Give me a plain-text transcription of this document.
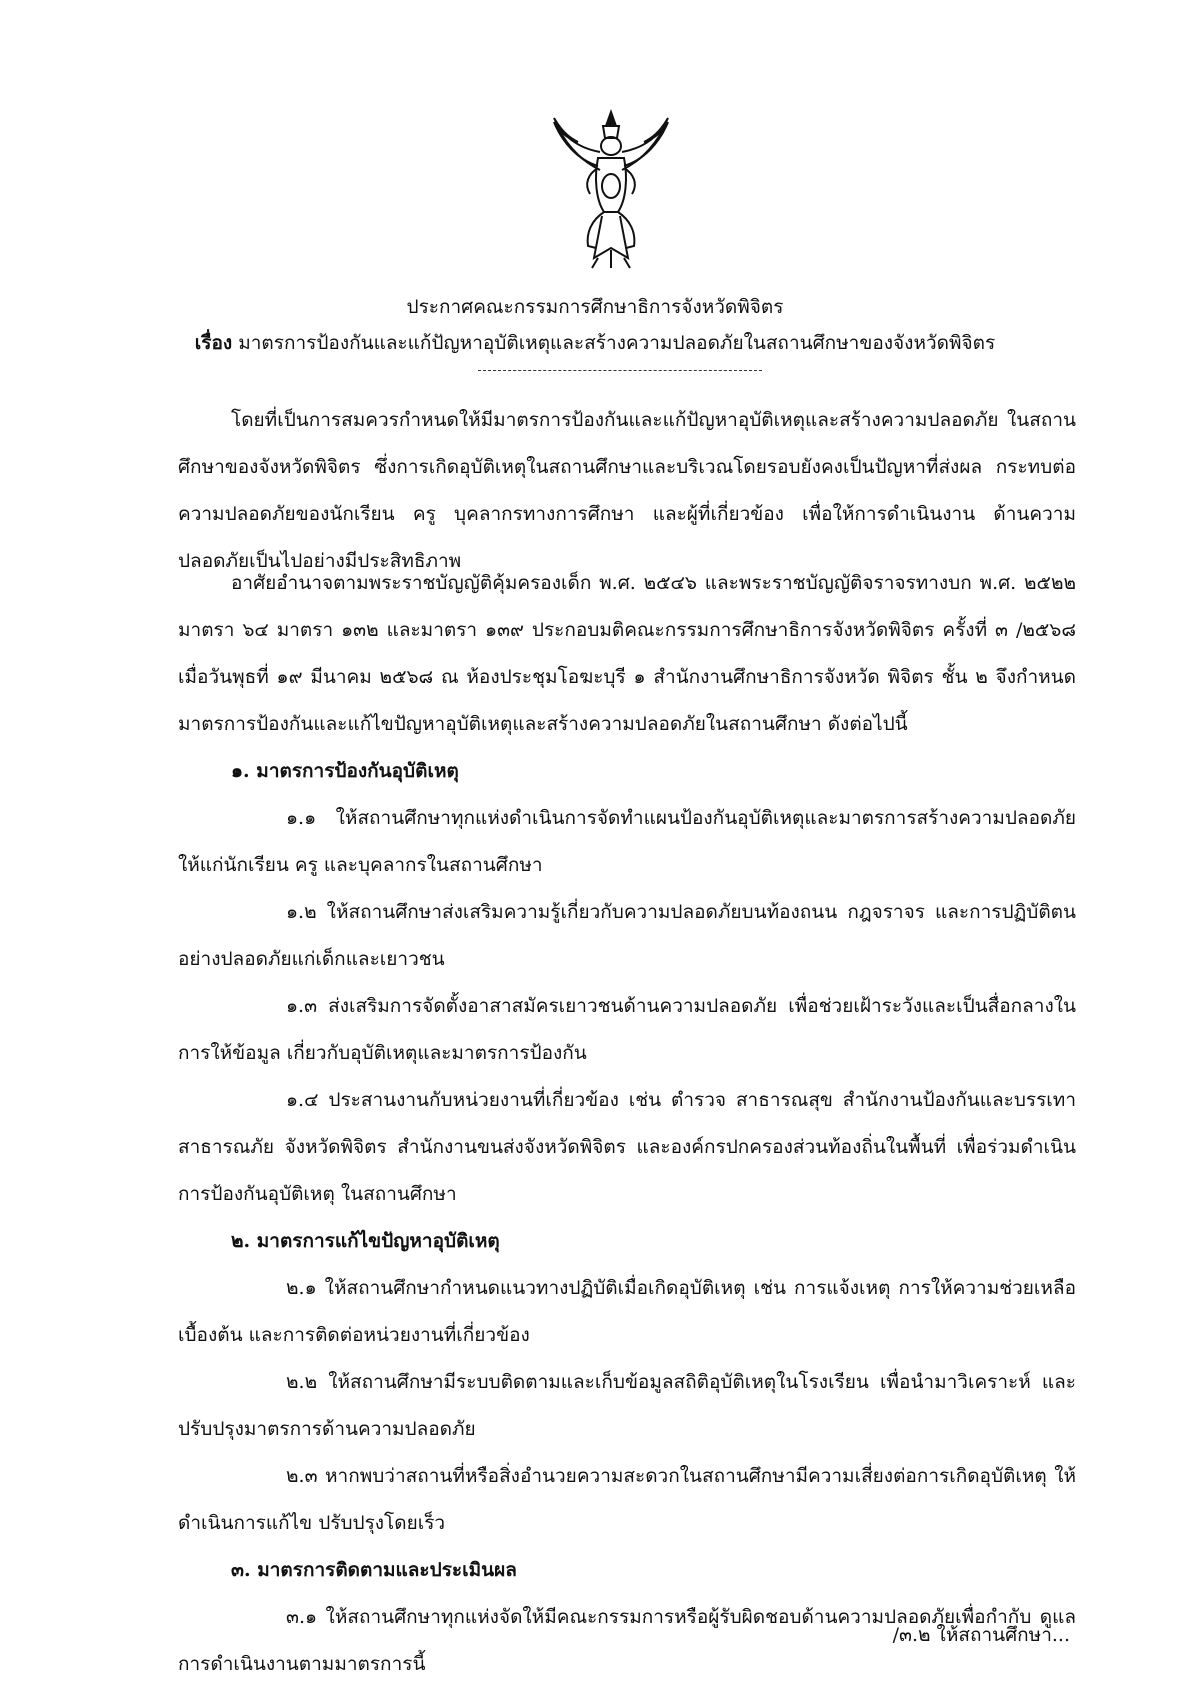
ประกาศคณะกรรมการศึกษาธิการจังหวัดพิจิตร
เรื่อง มาตรการป้องกันและแก้ปัญหาอุบัติเหตุและสร้างความปลอดภัยในสถานศึกษาของจังหวัดพิจิตร

โดยที่เป็นการสมควรกำหนดให้มีมาตรการป้องกันและแก้ปัญหาอุบัติเหตุและสร้างความปลอดภัย ในสถานศึกษาของจังหวัดพิจิตร ซึ่งการเกิดอุบัติเหตุในสถานศึกษาและบริเวณโดยรอบยังคงเป็นปัญหาที่ส่งผล กระทบต่อความปลอดภัยของนักเรียน ครู บุคลากรทางการศึกษา และผู้ที่เกี่ยวข้อง เพื่อให้การดำเนินงาน ด้านความปลอดภัยเป็นไปอย่างมีประสิทธิภาพ

อาศัยอำนาจตามพระราชบัญญัติคุ้มครองเด็ก พ.ศ. ๒๕๔๖ และพระราชบัญญัติจราจรทางบก พ.ศ. ๒๕๒๒ มาตรา ๖๔ มาตรา ๑๓๒ และมาตรา ๑๓๙ ประกอบมติคณะกรรมการศึกษาธิการจังหวัดพิจิตร ครั้งที่ ๓ /๒๕๖๘ เมื่อวันพุธที่ ๑๙ มีนาคม ๒๕๖๘ ณ ห้องประชุมโอฆะบุรี ๑ สำนักงานศึกษาธิการจังหวัด พิจิตร ชั้น ๒ จึงกำหนดมาตรการป้องกันและแก้ไขปัญหาอุบัติเหตุและสร้างความปลอดภัยในสถานศึกษา ดังต่อไปนี้

๑. มาตรการป้องกันอุบัติเหตุ

๑.๑ ให้สถานศึกษาทุกแห่งดำเนินการจัดทำแผนป้องกันอุบัติเหตุและมาตรการสร้างความปลอดภัย ให้แก่นักเรียน ครู และบุคลากรในสถานศึกษา

๑.๒ ให้สถานศึกษาส่งเสริมความรู้เกี่ยวกับความปลอดภัยบนท้องถนน กฎจราจร และการปฏิบัติตน อย่างปลอดภัยแก่เด็กและเยาวชน

๑.๓ ส่งเสริมการจัดตั้งอาสาสมัครเยาวชนด้านความปลอดภัย เพื่อช่วยเฝ้าระวังและเป็นสื่อกลางในการให้ข้อมูล เกี่ยวกับอุบัติเหตุและมาตรการป้องกัน

๑.๔ ประสานงานกับหน่วยงานที่เกี่ยวข้อง เช่น ตำรวจ สาธารณสุข สำนักงานป้องกันและบรรเทาสาธารณภัย จังหวัดพิจิตร สำนักงานขนส่งจังหวัดพิจิตร และองค์กรปกครองส่วนท้องถิ่นในพื้นที่ เพื่อร่วมดำเนินการป้องกันอุบัติเหตุ ในสถานศึกษา

๒. มาตรการแก้ไขปัญหาอุบัติเหตุ

๒.๑ ให้สถานศึกษากำหนดแนวทางปฏิบัติเมื่อเกิดอุบัติเหตุ เช่น การแจ้งเหตุ การให้ความช่วยเหลือเบื้องต้น และการติดต่อหน่วยงานที่เกี่ยวข้อง

๒.๒ ให้สถานศึกษามีระบบติดตามและเก็บข้อมูลสถิติอุบัติเหตุในโรงเรียน เพื่อนำมาวิเคราะห์ และปรับปรุงมาตรการด้านความปลอดภัย

๒.๓ หากพบว่าสถานที่หรือสิ่งอำนวยความสะดวกในสถานศึกษามีความเสี่ยงต่อการเกิดอุบัติเหตุ ให้ดำเนินการแก้ไข ปรับปรุงโดยเร็ว

๓. มาตรการติดตามและประเมินผล

๓.๑ ให้สถานศึกษาทุกแห่งจัดให้มีคณะกรรมการหรือผู้รับผิดชอบด้านความปลอดภัยเพื่อกำกับ ดูแลการดำเนินงานตามมาตรการนี้

/๓.๒ ให้สถานศึกษา...
